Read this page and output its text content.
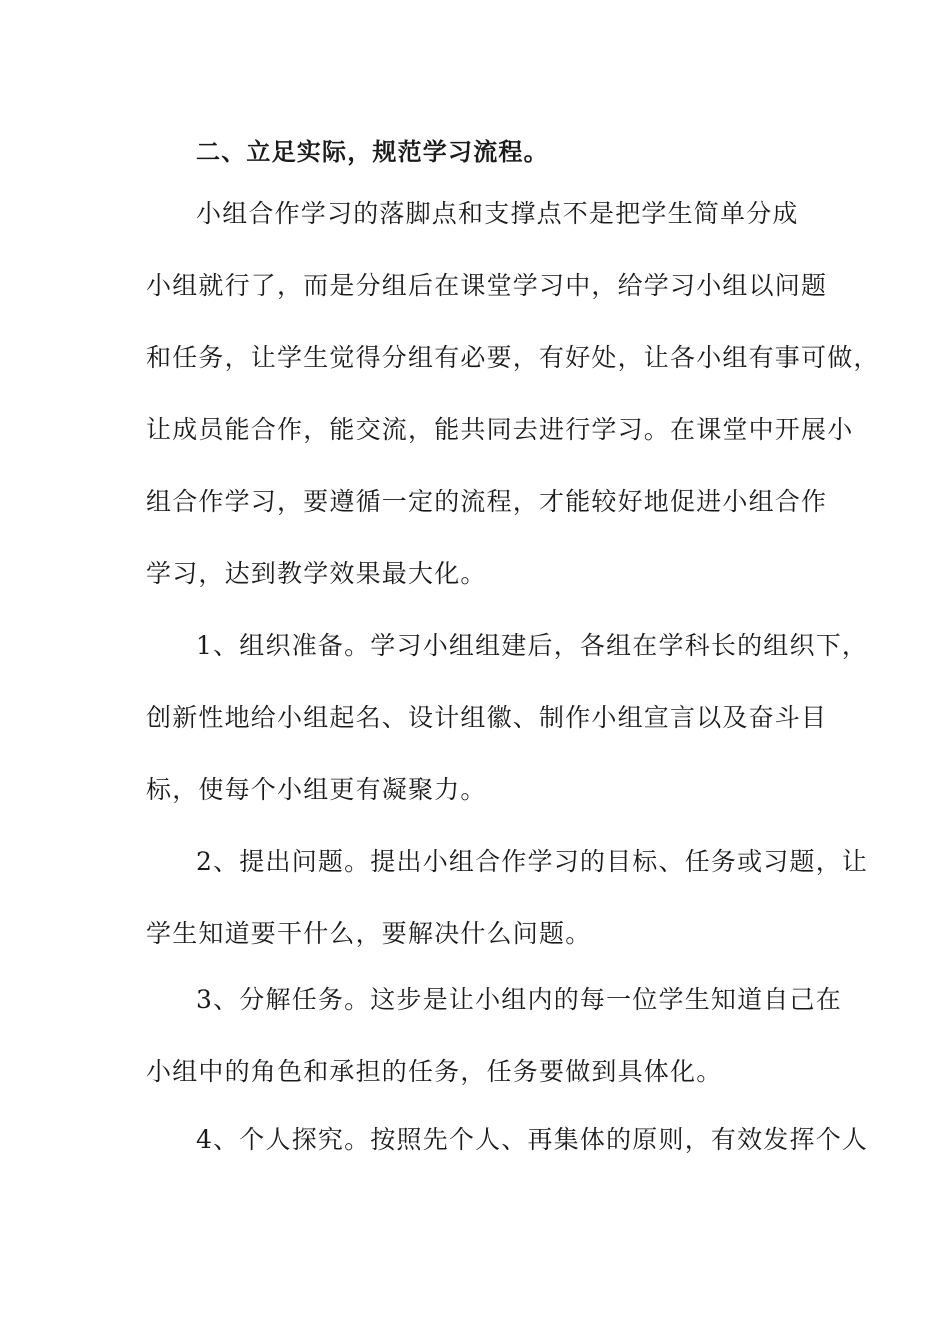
二、立足实际，规范学习流程。
小组合作学习的落脚点和支撑点不是把学生简单分成
小组就行了，而是分组后在课堂学习中，给学习小组以问题
和任务，让学生觉得分组有必要，有好处，让各小组有事可做，
让成员能合作，能交流，能共同去进行学习。在课堂中开展小
组合作学习，要遵循一定的流程，才能较好地促进小组合作
学习，达到教学效果最大化。
1、组织准备。学习小组组建后，各组在学科长的组织下，
创新性地给小组起名、设计组徽、制作小组宣言以及奋斗目
标，使每个小组更有凝聚力。
2、提出问题。提出小组合作学习的目标、任务或习题，让
学生知道要干什么，要解决什么问题。
3、分解任务。这步是让小组内的每一位学生知道自己在
小组中的角色和承担的任务，任务要做到具体化。
4、个人探究。按照先个人、再集体的原则，有效发挥个人
